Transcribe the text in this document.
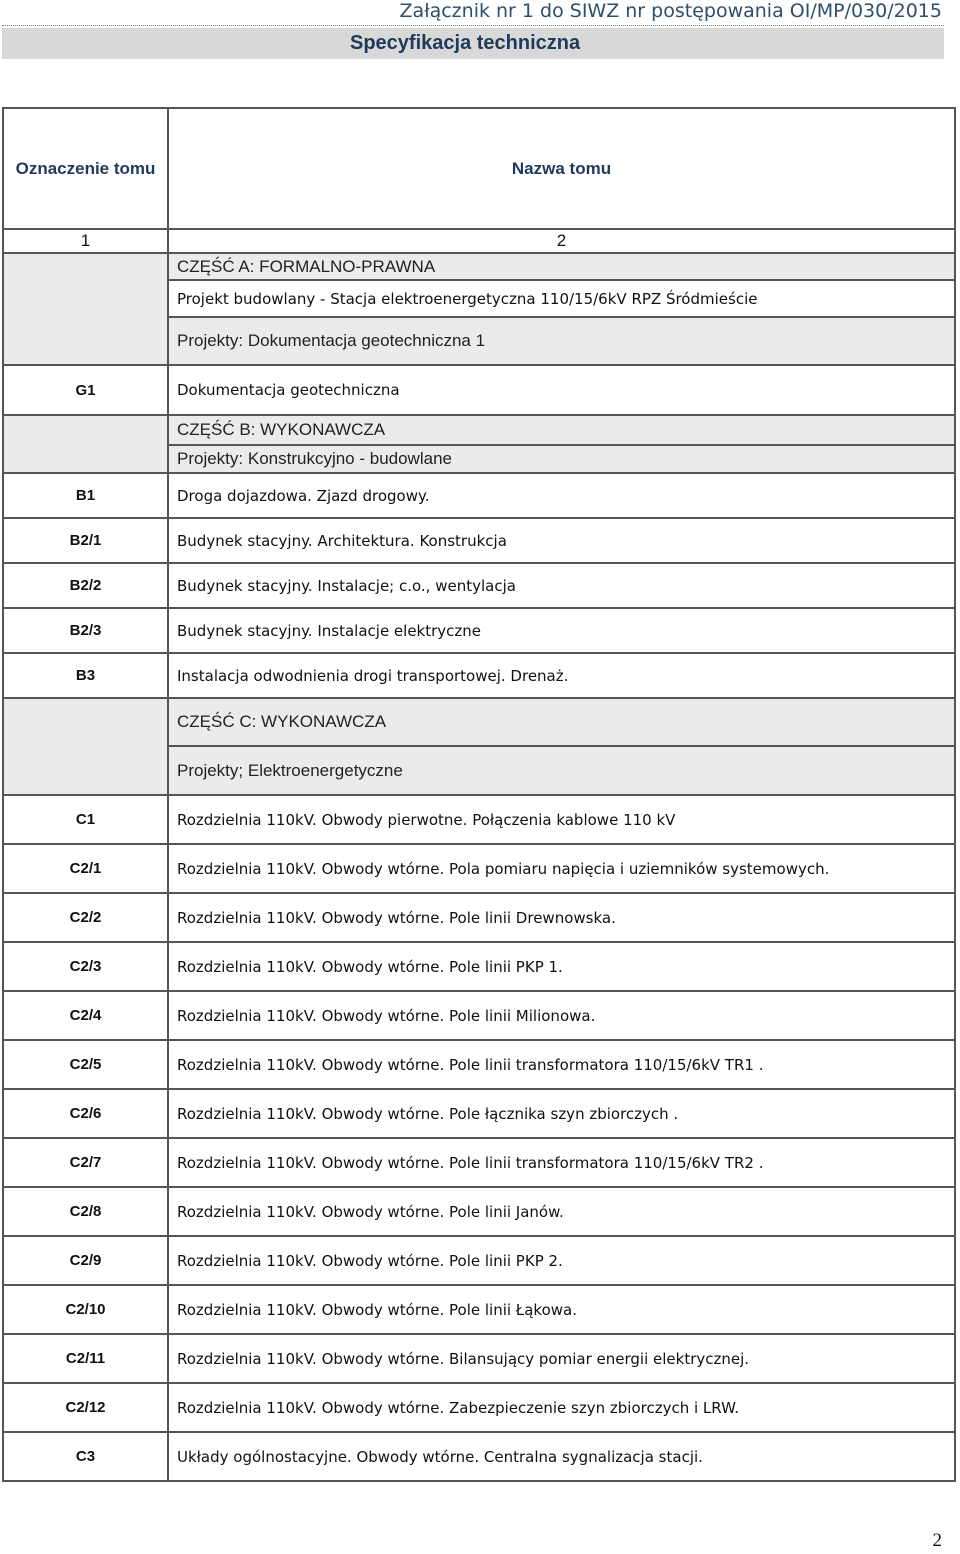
Załącznik nr 1 do SIWZ nr postępowania OI/MP/030/2015
Specyfikacja techniczna
Oznaczenie tomu	Nazwa tomu
1	2
	CZĘŚĆ A: FORMALNO-PRAWNA
	Projekt budowlany - Stacja elektroenergetyczna 110/15/6kV RPZ Śródmieście
	Projekty: Dokumentacja geotechniczna 1
G1	Dokumentacja geotechniczna
	CZĘŚĆ B: WYKONAWCZA
	Projekty: Konstrukcyjno - budowlane
B1	Droga dojazdowa. Zjazd drogowy.
B2/1	Budynek stacyjny. Architektura. Konstrukcja
B2/2	Budynek stacyjny. Instalacje; c.o., wentylacja
B2/3	Budynek stacyjny. Instalacje elektryczne
B3	Instalacja odwodnienia drogi transportowej. Drenaż.
	CZĘŚĆ C: WYKONAWCZA
	Projekty; Elektroenergetyczne
C1	Rozdzielnia 110kV. Obwody pierwotne. Połączenia kablowe 110 kV
C2/1	Rozdzielnia 110kV. Obwody wtórne. Pola pomiaru napięcia i uziemników systemowych.
C2/2	Rozdzielnia 110kV. Obwody wtórne. Pole linii Drewnowska.
C2/3	Rozdzielnia 110kV. Obwody wtórne. Pole linii PKP 1.
C2/4	Rozdzielnia 110kV. Obwody wtórne. Pole linii Milionowa.
C2/5	Rozdzielnia 110kV. Obwody wtórne. Pole linii transformatora 110/15/6kV TR1 .
C2/6	Rozdzielnia 110kV. Obwody wtórne. Pole łącznika szyn zbiorczych .
C2/7	Rozdzielnia 110kV. Obwody wtórne. Pole linii transformatora 110/15/6kV TR2 .
C2/8	Rozdzielnia 110kV. Obwody wtórne. Pole linii Janów.
C2/9	Rozdzielnia 110kV. Obwody wtórne. Pole linii PKP 2.
C2/10	Rozdzielnia 110kV. Obwody wtórne. Pole linii Łąkowa.
C2/11	Rozdzielnia 110kV. Obwody wtórne. Bilansujący pomiar energii elektrycznej.
C2/12	Rozdzielnia 110kV. Obwody wtórne. Zabezpieczenie szyn zbiorczych i LRW.
C3	Układy ogólnostacyjne. Obwody wtórne. Centralna sygnalizacja stacji.
2
